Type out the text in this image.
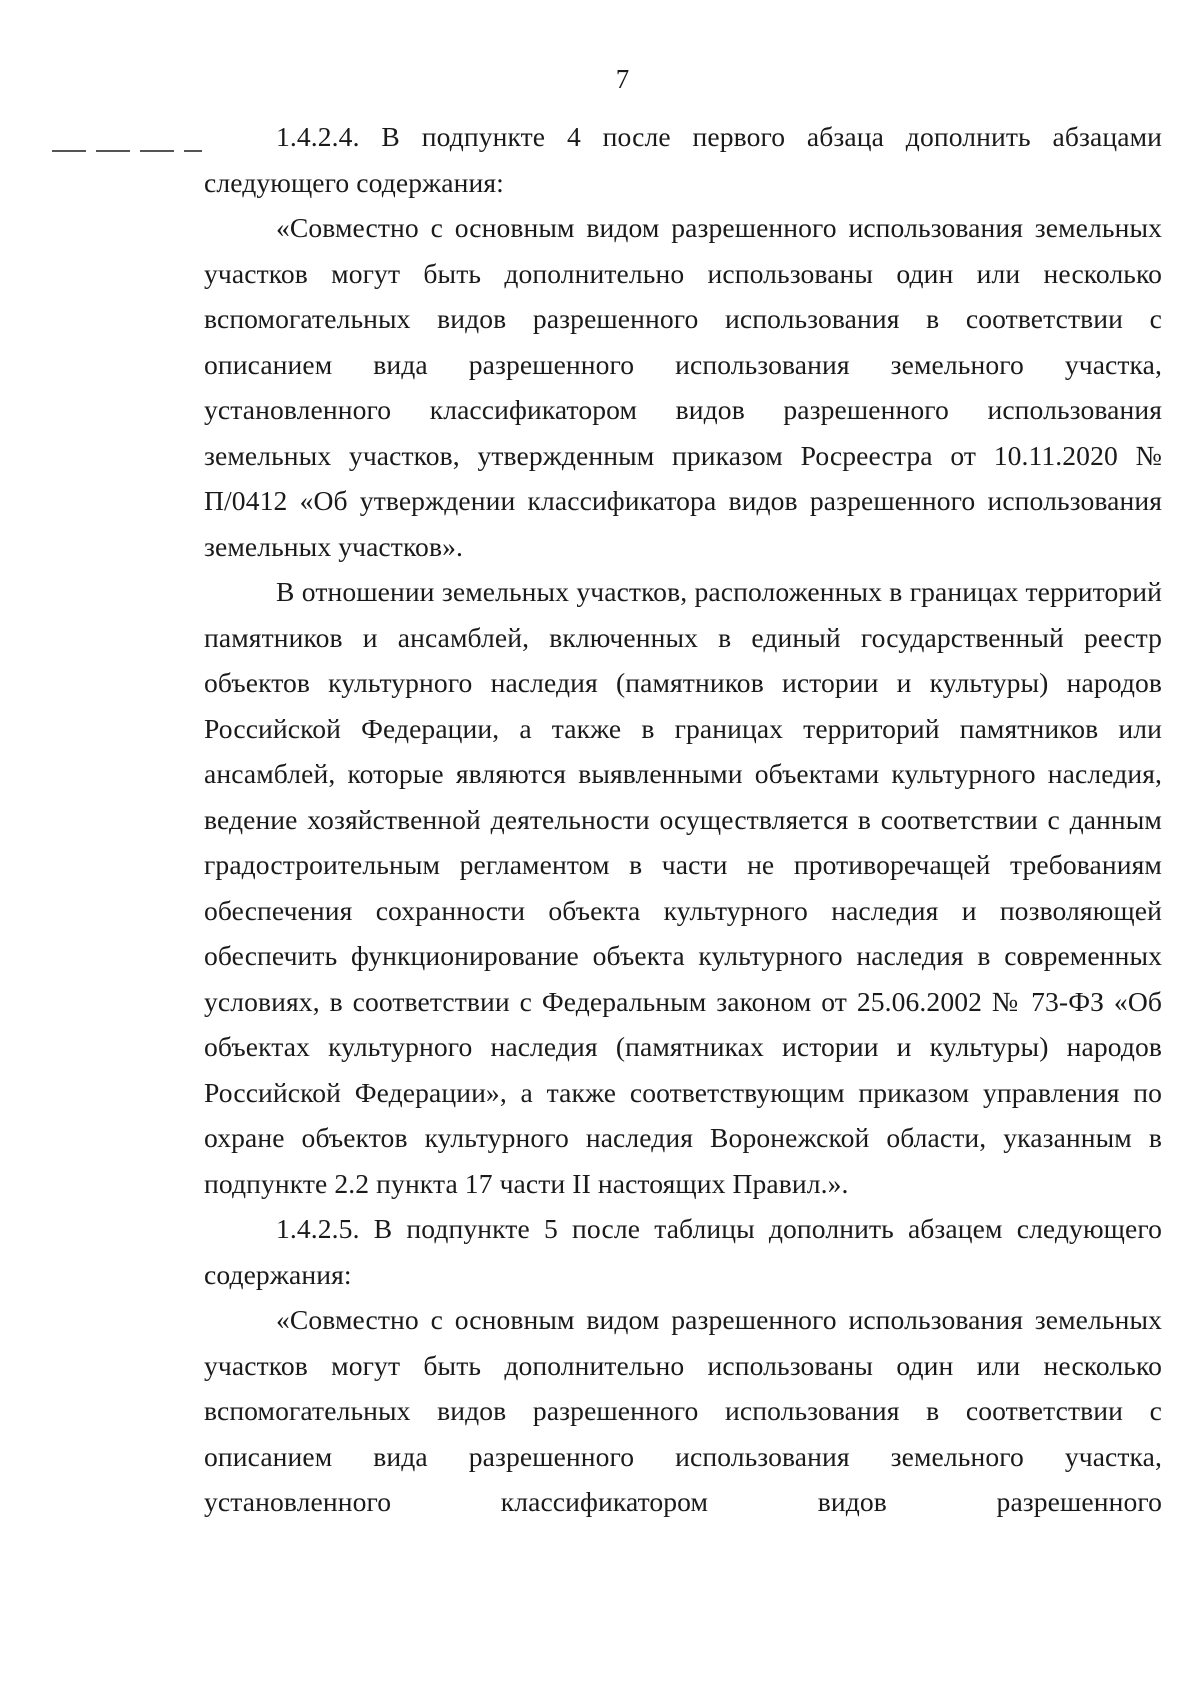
7

1.4.2.4. В подпункте 4 после первого абзаца дополнить абзацами следующего содержания:

«Совместно с основным видом разрешенного использования земельных участков могут быть дополнительно использованы один или несколько вспомогательных видов разрешенного использования в соответствии с описанием вида разрешенного использования земельного участка, установленного классификатором видов разрешенного использования земельных участков, утвержденным приказом Росреестра от 10.11.2020 № П/0412 «Об утверждении классификатора видов разрешенного использования земельных участков».

В отношении земельных участков, расположенных в границах территорий памятников и ансамблей, включенных в единый государственный реестр объектов культурного наследия (памятников истории и культуры) народов Российской Федерации, а также в границах территорий памятников или ансамблей, которые являются выявленными объектами культурного наследия, ведение хозяйственной деятельности осуществляется в соответствии с данным градостроительным регламентом в части не противоречащей требованиям обеспечения сохранности объекта культурного наследия и позволяющей обеспечить функционирование объекта культурного наследия в современных условиях, в соответствии с Федеральным законом от 25.06.2002 № 73-ФЗ «Об объектах культурного наследия (памятниках истории и культуры) народов Российской Федерации», а также соответствующим приказом управления по охране объектов культурного наследия Воронежской области, указанным в подпункте 2.2 пункта 17 части II настоящих Правил.».

1.4.2.5. В подпункте 5 после таблицы дополнить абзацем следующего содержания:

«Совместно с основным видом разрешенного использования земельных участков могут быть дополнительно использованы один или несколько вспомогательных видов разрешенного использования в соответствии с описанием вида разрешенного использования земельного участка, установленного классификатором видов разрешенного
